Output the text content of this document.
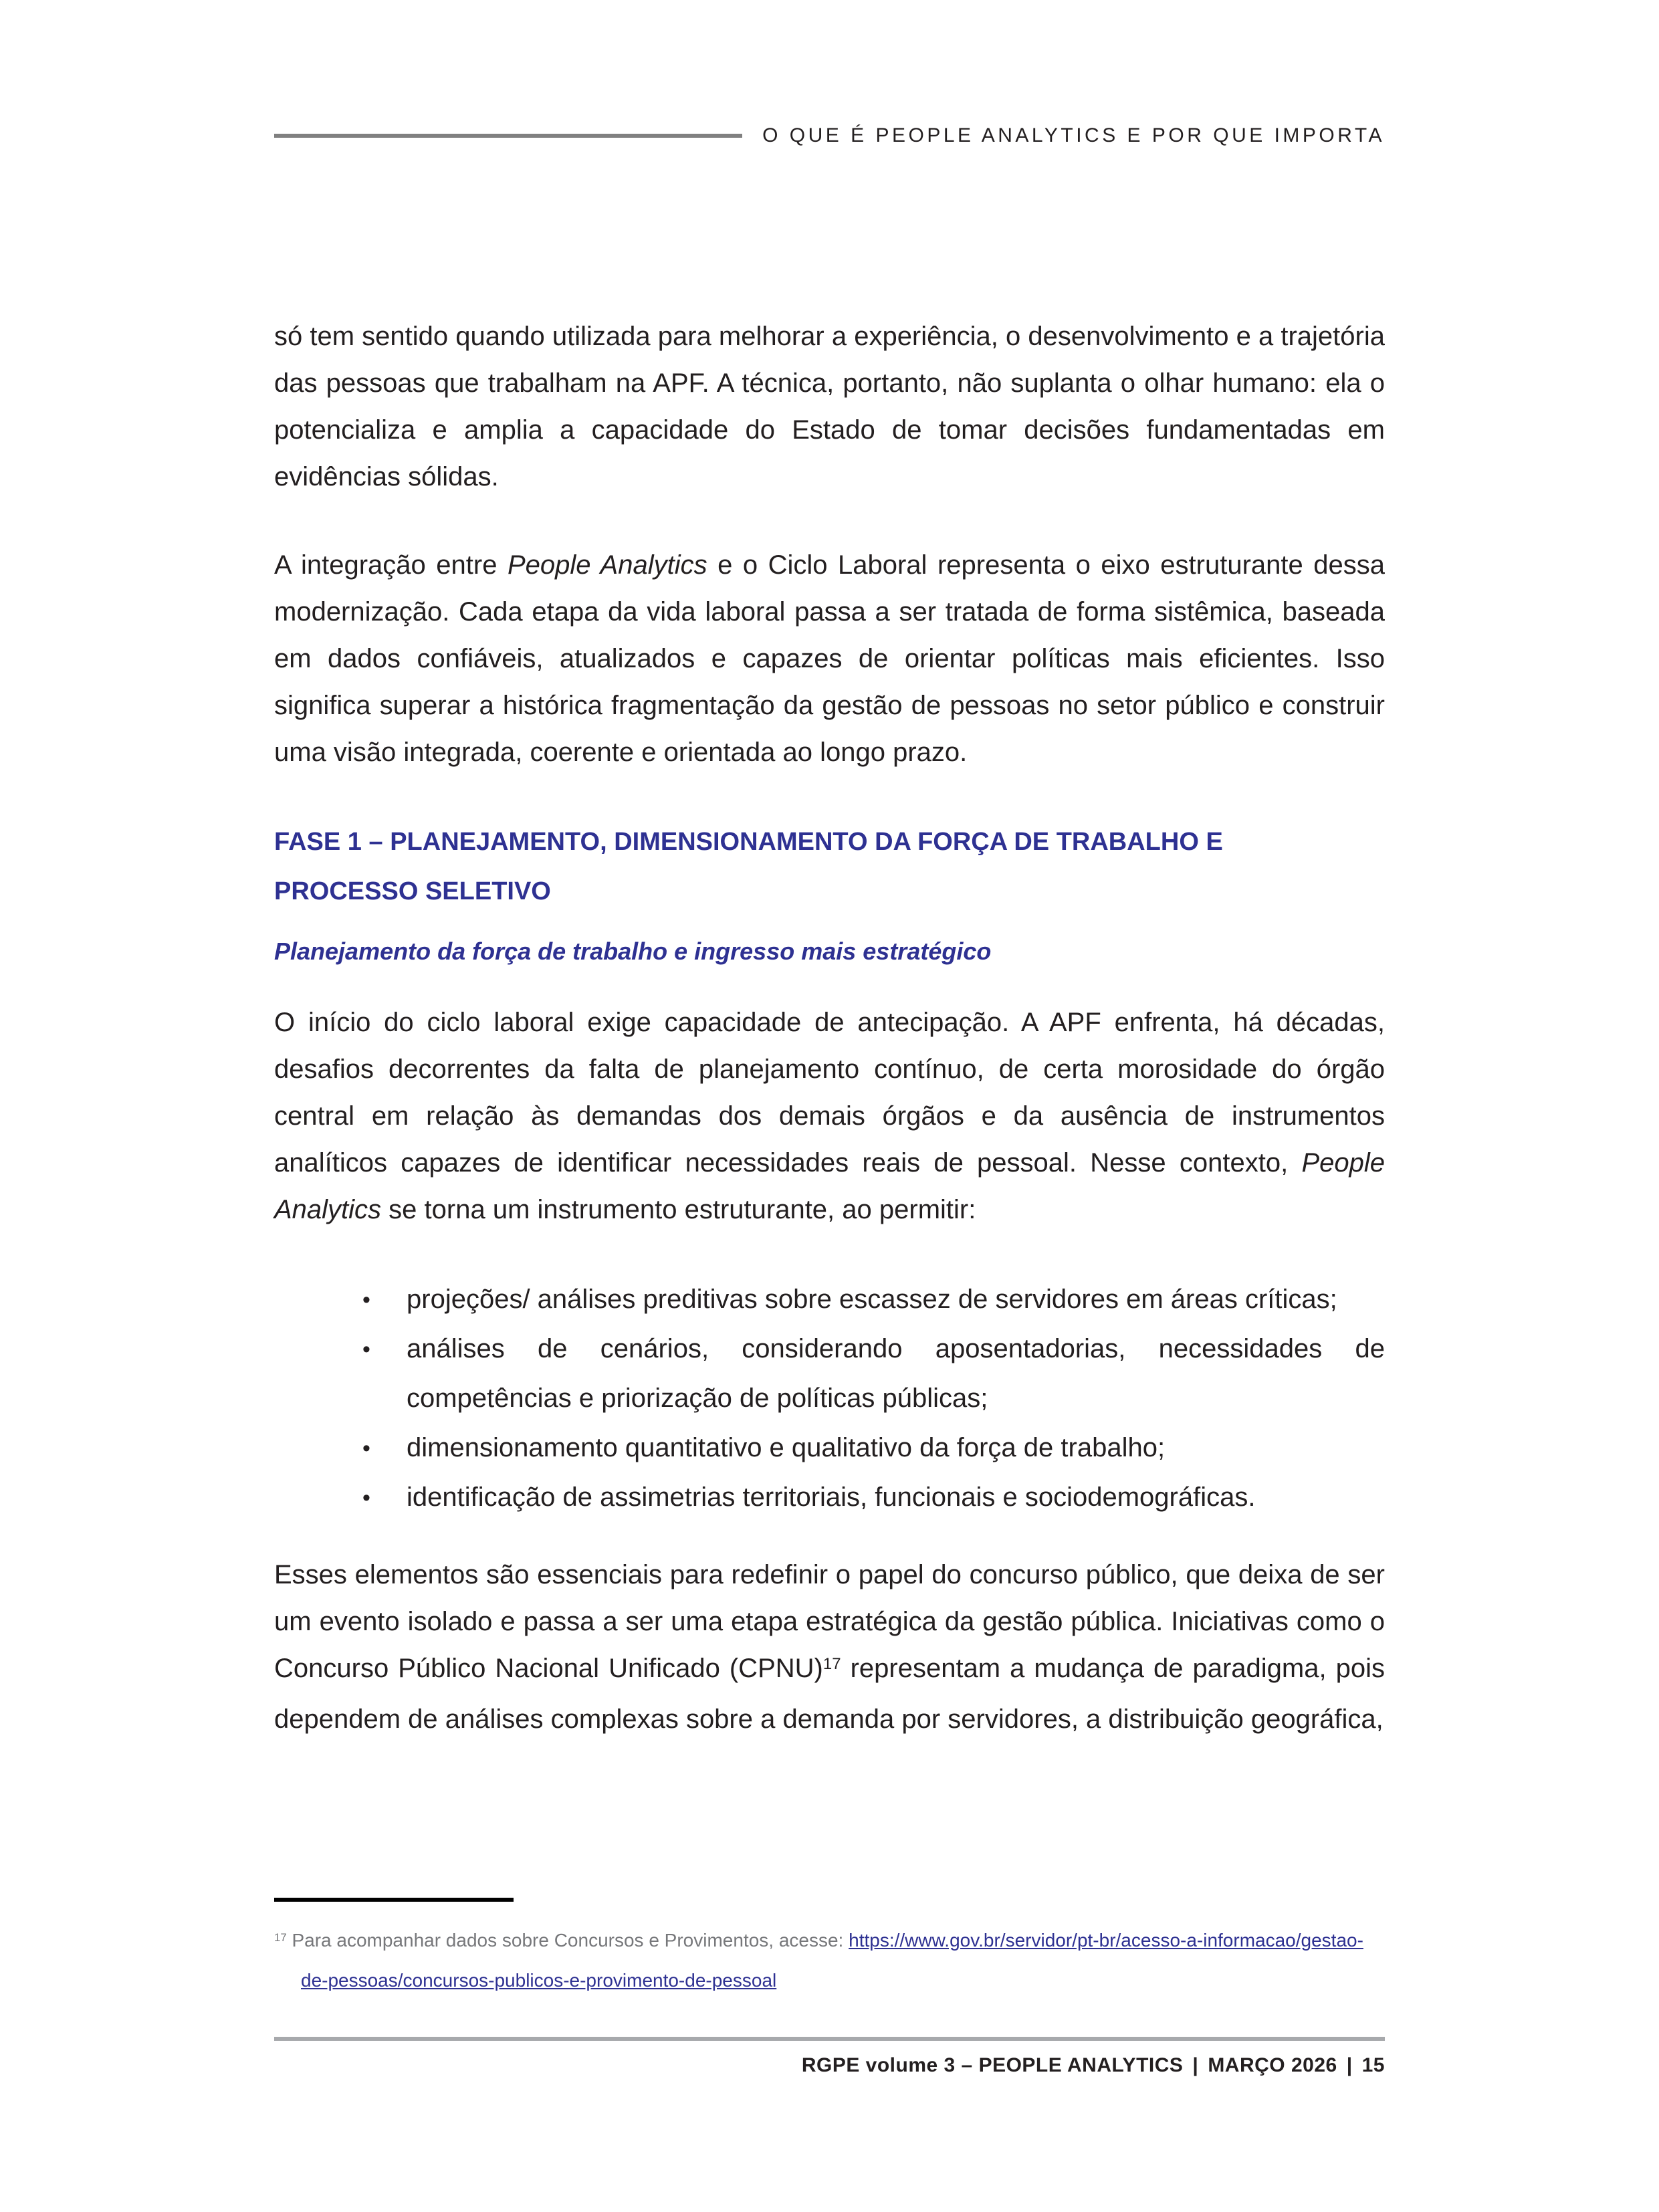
O QUE É PEOPLE ANALYTICS E POR QUE IMPORTA

só tem sentido quando utilizada para melhorar a experiência, o desenvolvimento e a trajetória das pessoas que trabalham na APF. A técnica, portanto, não suplanta o olhar humano: ela o potencializa e amplia a capacidade do Estado de tomar decisões fundamentadas em evidências sólidas.

A integração entre People Analytics e o Ciclo Laboral representa o eixo estruturante dessa modernização. Cada etapa da vida laboral passa a ser tratada de forma sistêmica, baseada em dados confiáveis, atualizados e capazes de orientar políticas mais eficientes. Isso significa superar a histórica fragmentação da gestão de pessoas no setor público e construir uma visão integrada, coerente e orientada ao longo prazo.

FASE 1 – PLANEJAMENTO, DIMENSIONAMENTO DA FORÇA DE TRABALHO E PROCESSO SELETIVO
Planejamento da força de trabalho e ingresso mais estratégico

O início do ciclo laboral exige capacidade de antecipação. A APF enfrenta, há décadas, desafios decorrentes da falta de planejamento contínuo, de certa morosidade do órgão central em relação às demandas dos demais órgãos e da ausência de instrumentos analíticos capazes de identificar necessidades reais de pessoal. Nesse contexto, People Analytics se torna um instrumento estruturante, ao permitir:

• projeções/ análises preditivas sobre escassez de servidores em áreas críticas;
• análises de cenários, considerando aposentadorias, necessidades de competências e priorização de políticas públicas;
• dimensionamento quantitativo e qualitativo da força de trabalho;
• identificação de assimetrias territoriais, funcionais e sociodemográficas.

Esses elementos são essenciais para redefinir o papel do concurso público, que deixa de ser um evento isolado e passa a ser uma etapa estratégica da gestão pública. Iniciativas como o Concurso Público Nacional Unificado (CPNU)$^{17}$ representam a mudança de paradigma, pois dependem de análises complexas sobre a demanda por servidores, a distribuição geográfica,

$^{17}$ Para acompanhar dados sobre Concursos e Provimentos, acesse: https://www.gov.br/servidor/pt-br/acesso-a-informacao/gestao-de-pessoas/concursos-publicos-e-provimento-de-pessoal

RGPE volume 3 – PEOPLE ANALYTICS | MARÇO 2026 | 15
